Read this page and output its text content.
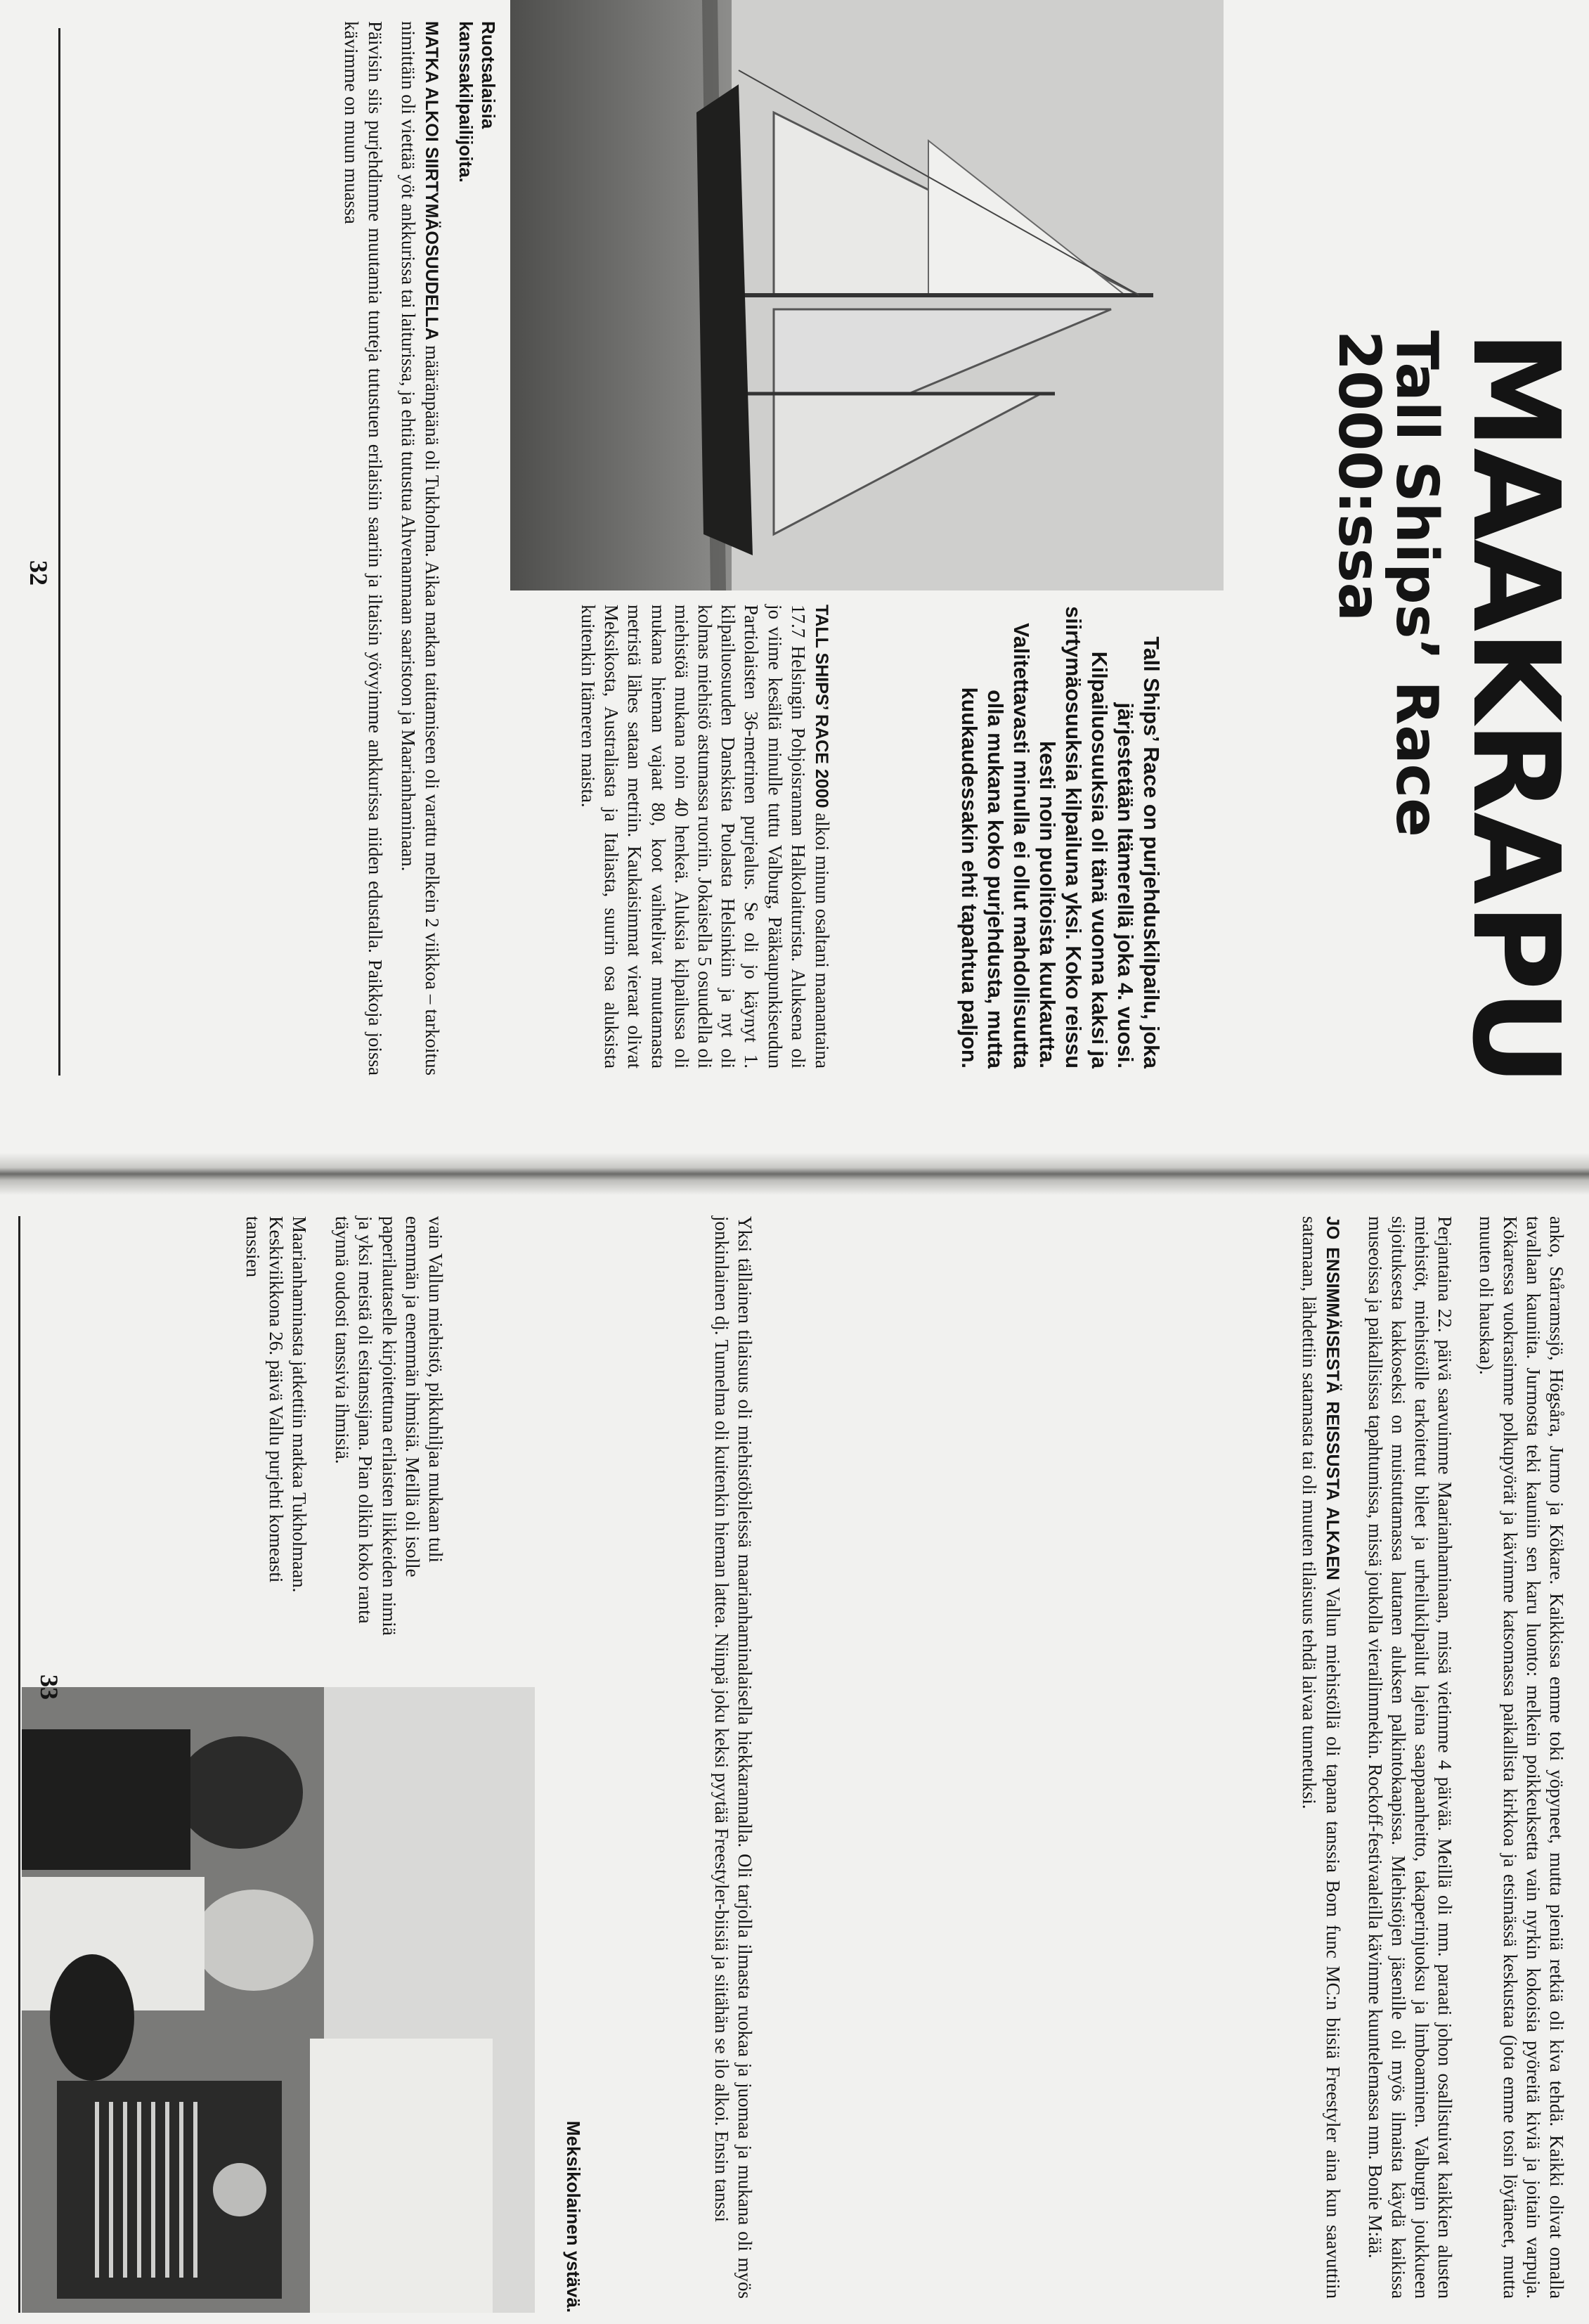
MAAKRAPU
Tall Ships’ Race 2000:ssa

Tall Ships’ Race on purjehduskilpailu, joka järjestetään Itämerellä joka 4. vuosi. Kilpailuosuuksia oli tänä vuonna kaksi ja siirtymäosuuksia kilpailuna yksi. Koko reissu kesti noin puolitoista kuukautta. Valitettavasti minulla ei ollut mahdollisuutta olla mukana koko purjehdusta, mutta kuukaudessakin ehti tapahtua paljon.

TALL SHIPS’ RACE 2000 alkoi minun osaltani maanantaina 17.7 Helsingin Pohjoisrannan Halkolaiturista. Aluksena oli jo viime kesältä minulle tuttu Valburg, Pääkaupunkiseudun Partiolaisten 36-metrinen purjealus. Se oli jo käynyt 1. kilpailuosuuden Danskista Puolasta Helsinkiin ja nyt oli kolmas miehistö astumassa ruoriin. Jokaisella 5 osuudella oli miehistöä mukana noin 40 henkeä. Aluksia kilpailussa oli mukana hieman vajaat 80, koot vaihtelivat muutamasta metristä lähes sataan metriin. Kaukaisimmat vieraat olivat Meksikosta, Australiasta ja Italiasta, suurin osa aluksista kuitenkin Itämeren maista.

Ruotsalaisia kanssakilpailijoita.

MATKA ALKOI SIIRTYMÄOSUUDELLA määränpäänä oli Tukholma. Aikaa matkan taittamiseen oli varattu melkein 2 viikkoa – tarkoitus nimittäin oli viettää yöt ankkurissa tai laiturissa, ja ehtiä tutustua Ahvenanmaan saaristoon ja Maarianhaminaan.

Päivisin siis purjehdimme muutamia tuntejа tutustuen erilaisiin saariin ja iltaisin yövyimme ankkurissa niiden edustalla. Paikkoja joissa kävimme on muun muassa

32

anko, Stårramssjö, Högsåra, Jurmo ja Kökare. Kaikkissa emme toki yöpyneet, mutta pieniä retkiä oli kiva tehdä. Kaikki olivat omalla tavallaan kauniita. Jurmosta teki kauniin sen karu luonto: melkein poikkeuksetta vain nyrkin kokoisia pyöreitä kiviä ja joitain varpuja. Kökaressa vuokrasimme polkupyörät ja kävimme katsomassa paikallista kirkkoa ja etsimässä keskustaa (jota emme tosin löytäneet, mutta muuten oli hauskaa).

Perjantaina 22. päivä saavuimme Maarianhaminaan, missä vietimme 4 päivää. Meillä oli mm. paraati johon osallistuivat kaikkien alusten miehistöt, miehistöille tarkoitetut bileet ja urheilukilpailut lajeina saappaanheitto, takaperinjuoksu ja limboaminen. Valburgin joukkueen sijoituksesta kakkoseksi on muistuttamassa lautanen aluksen palkintokaapissa. Miehistöjen jäsenille oli myös ilmaista käydä kaikissa museoissa ja paikallisissa tapahtumissa, missä joukolla vierailimmekin. Rockoff-festivaaleilla kävimme kuuntelemassa mm. Bonie M:ää.

JO ENSIMMÄISESTÄ REISSUSTA ALKAEN Vallun miehistöllä oli tapana tanssia Bom func MC:n biisiä Freestyler aina kun saavuttiin satamaan, lähdettiin satamasta tai oli muuten tilaisuus tehdä laivaa tunnetuksi.

Yksi tällainen tilaisuus oli miehistöbileissä maarianhaminalaisella hiekkarannalla. Oli tarjolla ilmasta ruokaa ja juomaa ja mukana oli myös jonkinlainen dj. Tunnelma oli kuitenkin hieman lattea. Niinpä joku keksi pyytää Freestyler-biisiä ja siitähän se ilo alkoi. Ensin tanssi

Meksikolainen ystävä.

vain Vallun miehistö, pikkuhiljaa mukaan tuli enemmän ja enemmän ihmisiä. Meillä oli isolle paperilautaselle kirjoitettuna erilaisten liikkeiden nimiä ja yksi meistä oli esitanssijana. Pian olikin koko ranta täynnä oudosti tanssivia ihmisiä.

Maarianhaminasta jatkettiin matkaa Tukholmaan. Keskiviikkona 26. päivä Vallu purjehti komeasti tanssien

33
